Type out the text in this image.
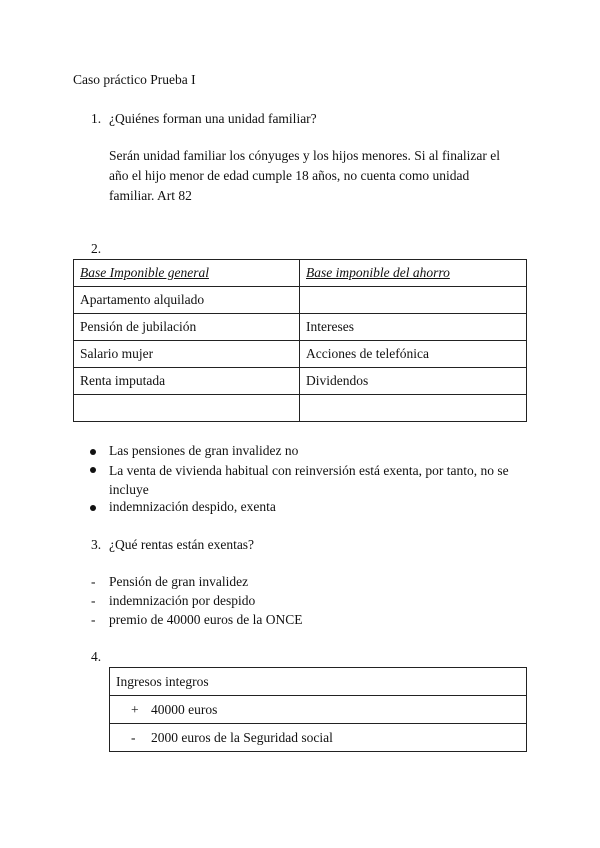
Caso práctico Prueba I
1. ¿Quiénes forman una unidad familiar?
Serán unidad familiar los cónyuges y los hijos menores. Si al finalizar el
año el hijo menor de edad cumple 18 años, no cuenta como unidad
familiar. Art 82
2.
Base Imponible general	Base imponible del ahorro
Apartamento alquilado	
Pensión de jubilación	Intereses
Salario mujer	Acciones de telefónica
Renta imputada	Dividendos

Las pensiones de gran invalidez no
La venta de vivienda habitual con reinversión está exenta, por tanto, no se
incluye
indemnización despido, exenta
3. ¿Qué rentas están exentas?
- Pensión de gran invalidez
- indemnización por despido
- premio de 40000 euros de la ONCE
4.
Ingresos integros
+ 40000 euros
- 2000 euros de la Seguridad social
